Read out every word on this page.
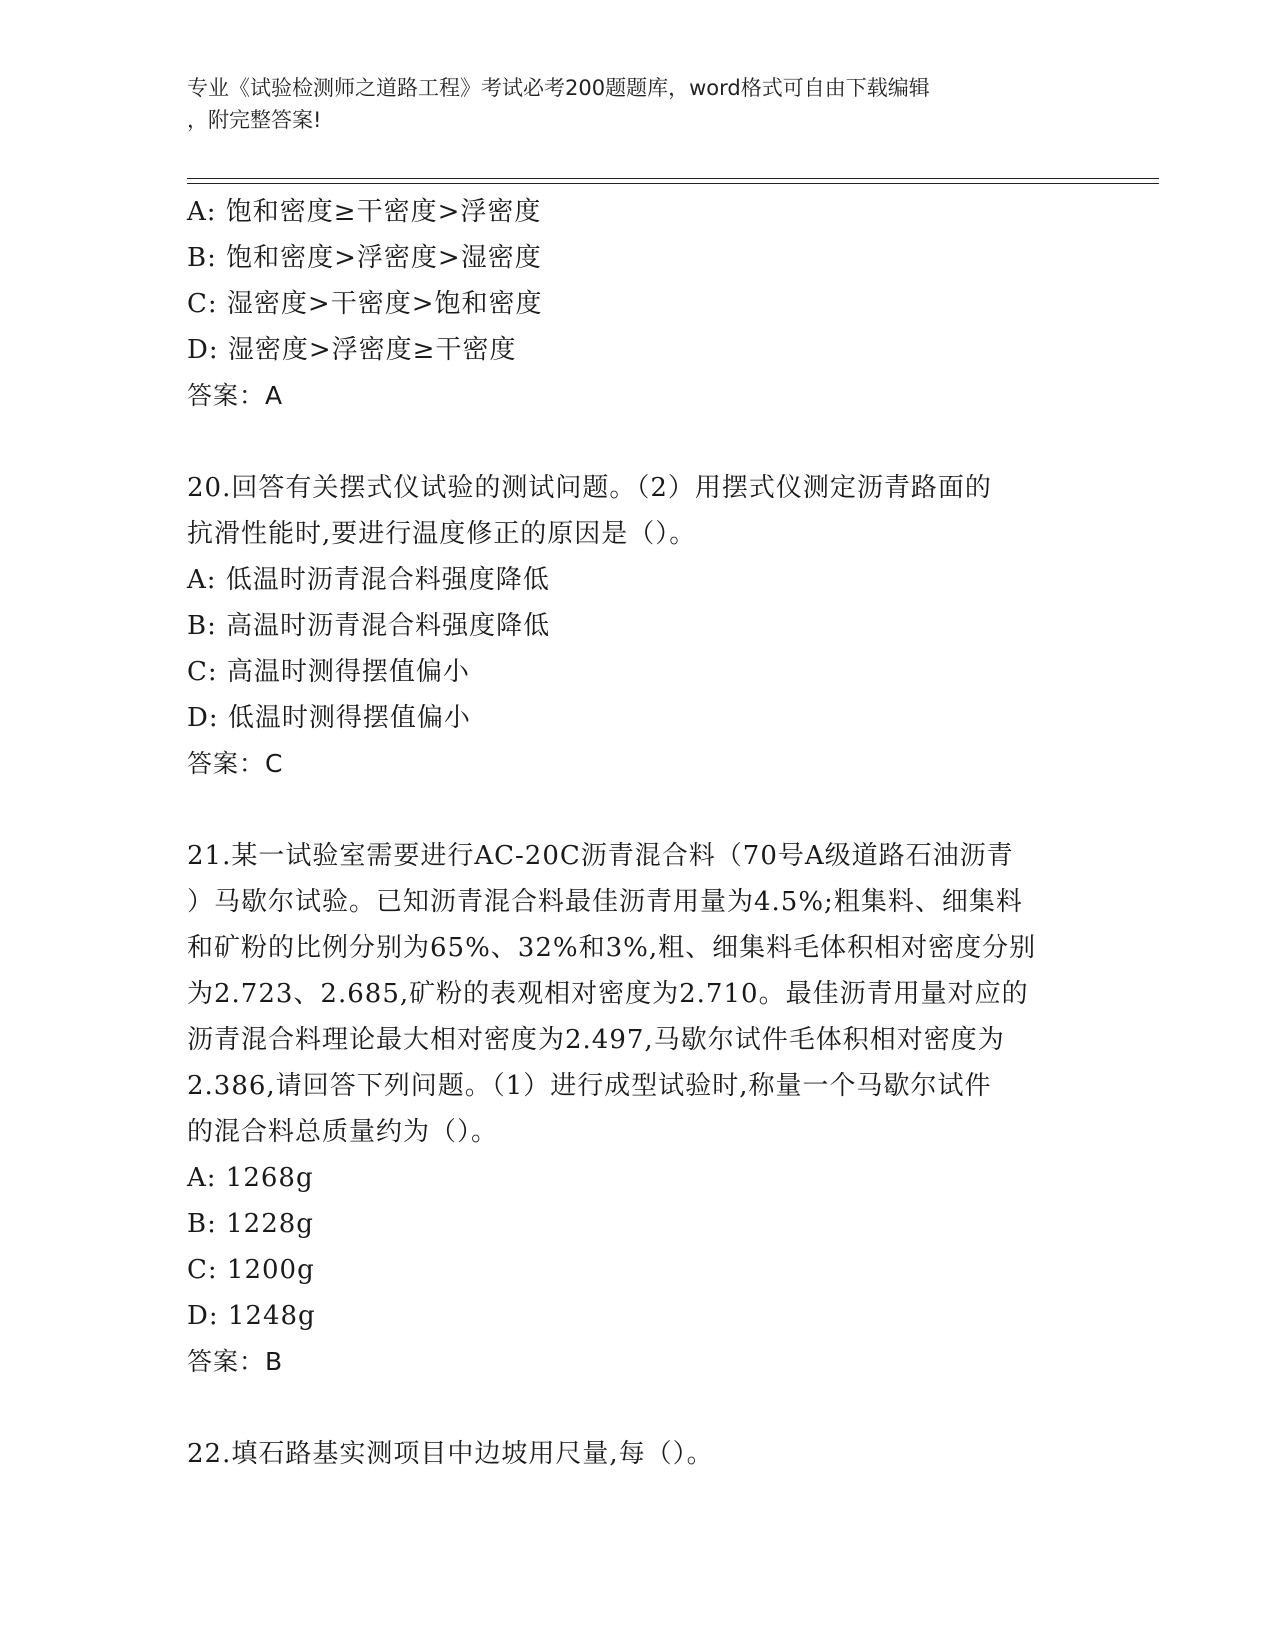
专业《试验检测师之道路工程》考试必考200题题库，word格式可自由下载编辑
，附完整答案!
A: 饱和密度≥干密度>浮密度
B: 饱和密度>浮密度>湿密度
C: 湿密度>干密度>饱和密度
D: 湿密度>浮密度≥干密度
答案：A
20.回答有关摆式仪试验的测试问题。（2）用摆式仪测定沥青路面的
抗滑性能时,要进行温度修正的原因是（）。
A: 低温时沥青混合料强度降低
B: 高温时沥青混合料强度降低
C: 高温时测得摆值偏小
D: 低温时测得摆值偏小
答案：C
21.某一试验室需要进行AC-20C沥青混合料（70号A级道路石油沥青
）马歇尔试验。已知沥青混合料最佳沥青用量为4.5%;粗集料、细集料
和矿粉的比例分别为65%、32%和3%,粗、细集料毛体积相对密度分别
为2.723、2.685,矿粉的表观相对密度为2.710。最佳沥青用量对应的
沥青混合料理论最大相对密度为2.497,马歇尔试件毛体积相对密度为
2.386,请回答下列问题。（1）进行成型试验时,称量一个马歇尔试件
的混合料总质量约为（）。
A: 1268g
B: 1228g
C: 1200g
D: 1248g
答案：B
22.填石路基实测项目中边坡用尺量,每（）。
